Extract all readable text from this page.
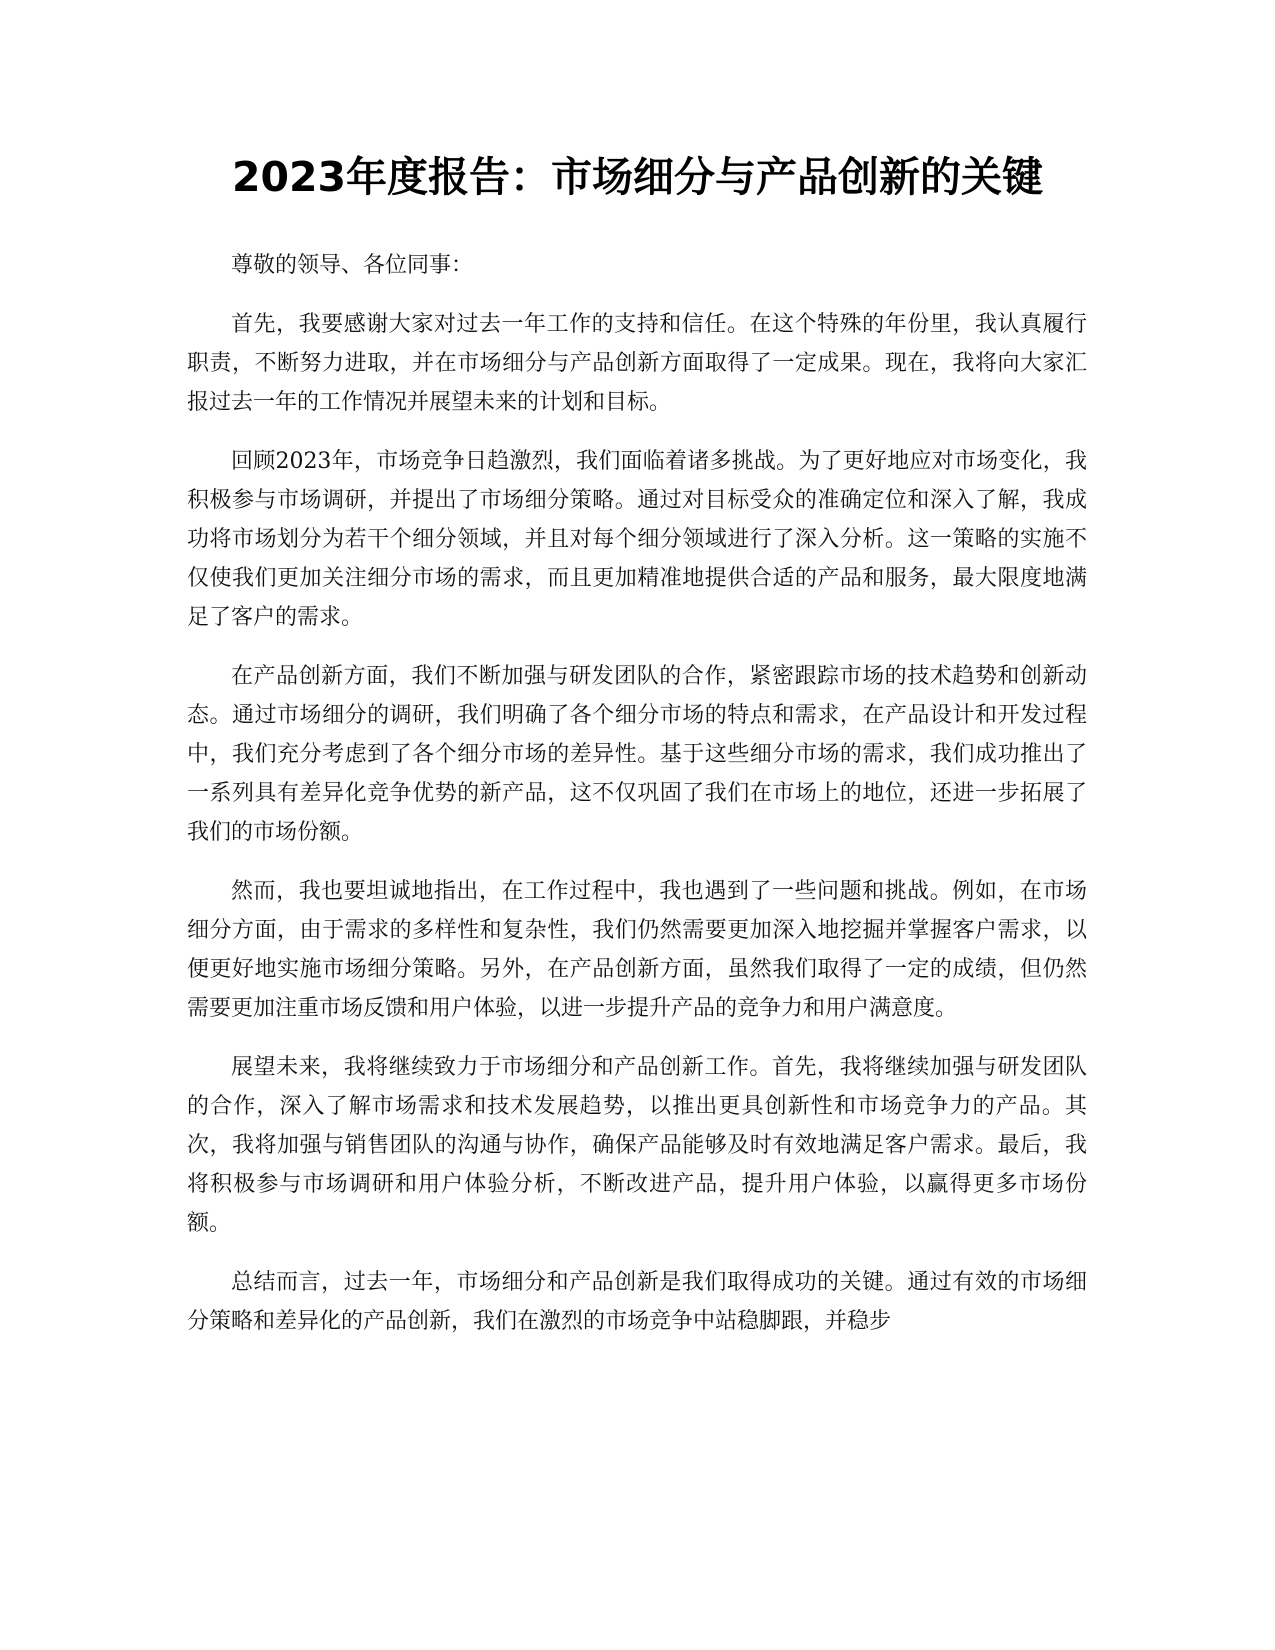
2023年度报告：市场细分与产品创新的关键

尊敬的领导、各位同事：

首先，我要感谢大家对过去一年工作的支持和信任。在这个特殊的年份里，我认真履行职责，不断努力进取，并在市场细分与产品创新方面取得了一定成果。现在，我将向大家汇报过去一年的工作情况并展望未来的计划和目标。

回顾2023年，市场竞争日趋激烈，我们面临着诸多挑战。为了更好地应对市场变化，我积极参与市场调研，并提出了市场细分策略。通过对目标受众的准确定位和深入了解，我成功将市场划分为若干个细分领域，并且对每个细分领域进行了深入分析。这一策略的实施不仅使我们更加关注细分市场的需求，而且更加精准地提供合适的产品和服务，最大限度地满足了客户的需求。

在产品创新方面，我们不断加强与研发团队的合作，紧密跟踪市场的技术趋势和创新动态。通过市场细分的调研，我们明确了各个细分市场的特点和需求，在产品设计和开发过程中，我们充分考虑到了各个细分市场的差异性。基于这些细分市场的需求，我们成功推出了一系列具有差异化竞争优势的新产品，这不仅巩固了我们在市场上的地位，还进一步拓展了我们的市场份额。

然而，我也要坦诚地指出，在工作过程中，我也遇到了一些问题和挑战。例如，在市场细分方面，由于需求的多样性和复杂性，我们仍然需要更加深入地挖掘并掌握客户需求，以便更好地实施市场细分策略。另外，在产品创新方面，虽然我们取得了一定的成绩，但仍然需要更加注重市场反馈和用户体验，以进一步提升产品的竞争力和用户满意度。

展望未来，我将继续致力于市场细分和产品创新工作。首先，我将继续加强与研发团队的合作，深入了解市场需求和技术发展趋势，以推出更具创新性和市场竞争力的产品。其次，我将加强与销售团队的沟通与协作，确保产品能够及时有效地满足客户需求。最后，我将积极参与市场调研和用户体验分析，不断改进产品，提升用户体验，以赢得更多市场份额。

总结而言，过去一年，市场细分和产品创新是我们取得成功的关键。通过有效的市场细分策略和差异化的产品创新，我们在激烈的市场竞争中站稳脚跟，并稳步
